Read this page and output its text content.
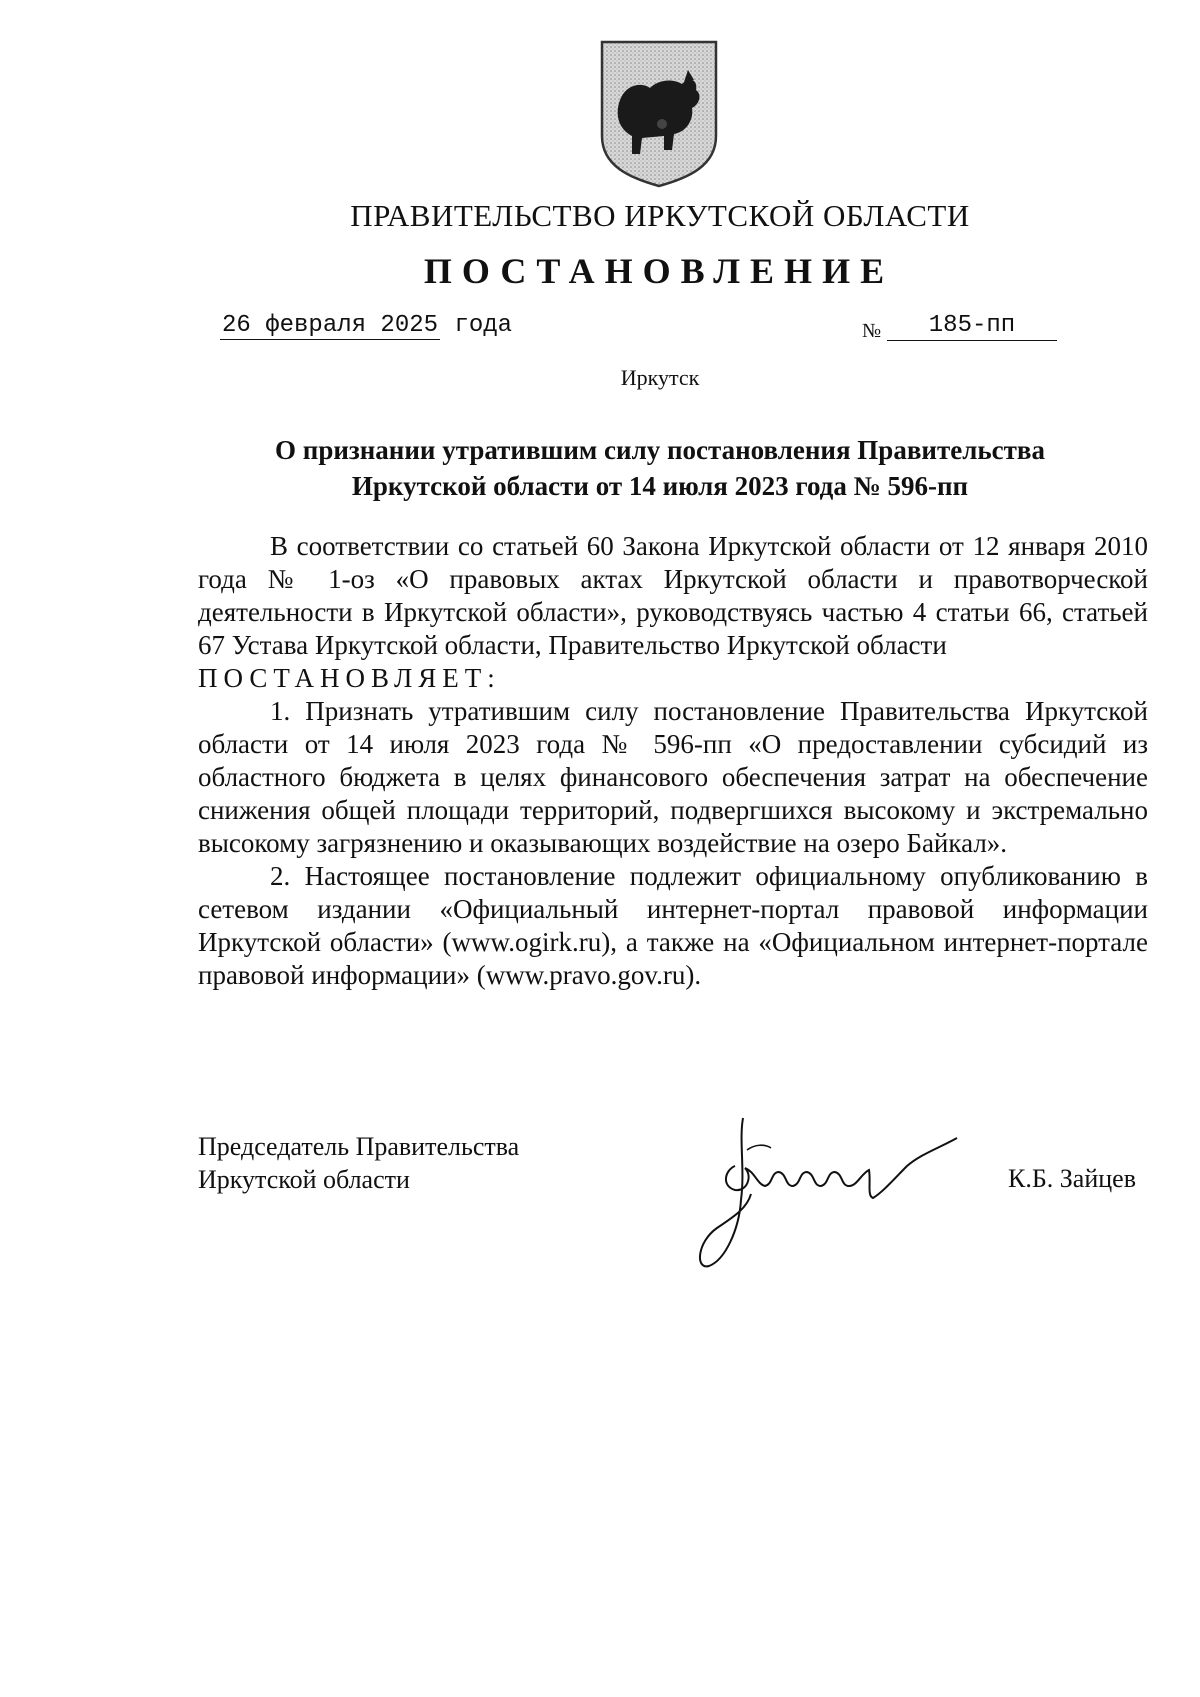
ПРАВИТЕЛЬСТВО ИРКУТСКОЙ ОБЛАСТИ
ПОСТАНОВЛЕНИЕ
26 февраля 2025 года	№	185-пп
Иркутск
О признании утратившим силу постановления Правительства
Иркутской области от 14 июля 2023 года № 596-пп

В соответствии со статьей 60 Закона Иркутской области от 12 января 2010 года № 1-оз «О правовых актах Иркутской области и правотворческой деятельности в Иркутской области», руководствуясь частью 4 статьи 66, статьей 67 Устава Иркутской области, Правительство Иркутской области

ПОСТАНОВЛЯЕТ:

1. Признать утратившим силу постановление Правительства Иркутской области от 14 июля 2023 года № 596-пп «О предоставлении субсидий из областного бюджета в целях финансового обеспечения затрат на обеспечение снижения общей площади территорий, подвергшихся высокому и экстремально высокому загрязнению и оказывающих воздействие на озеро Байкал».

2. Настоящее постановление подлежит официальному опубликованию в сетевом издании «Официальный интернет-портал правовой информации Иркутской области» (www.ogirk.ru), а также на «Официальном интернет-портале правовой информации» (www.pravo.gov.ru).

Председатель Правительства
Иркутской области	К.Б. Зайцев
